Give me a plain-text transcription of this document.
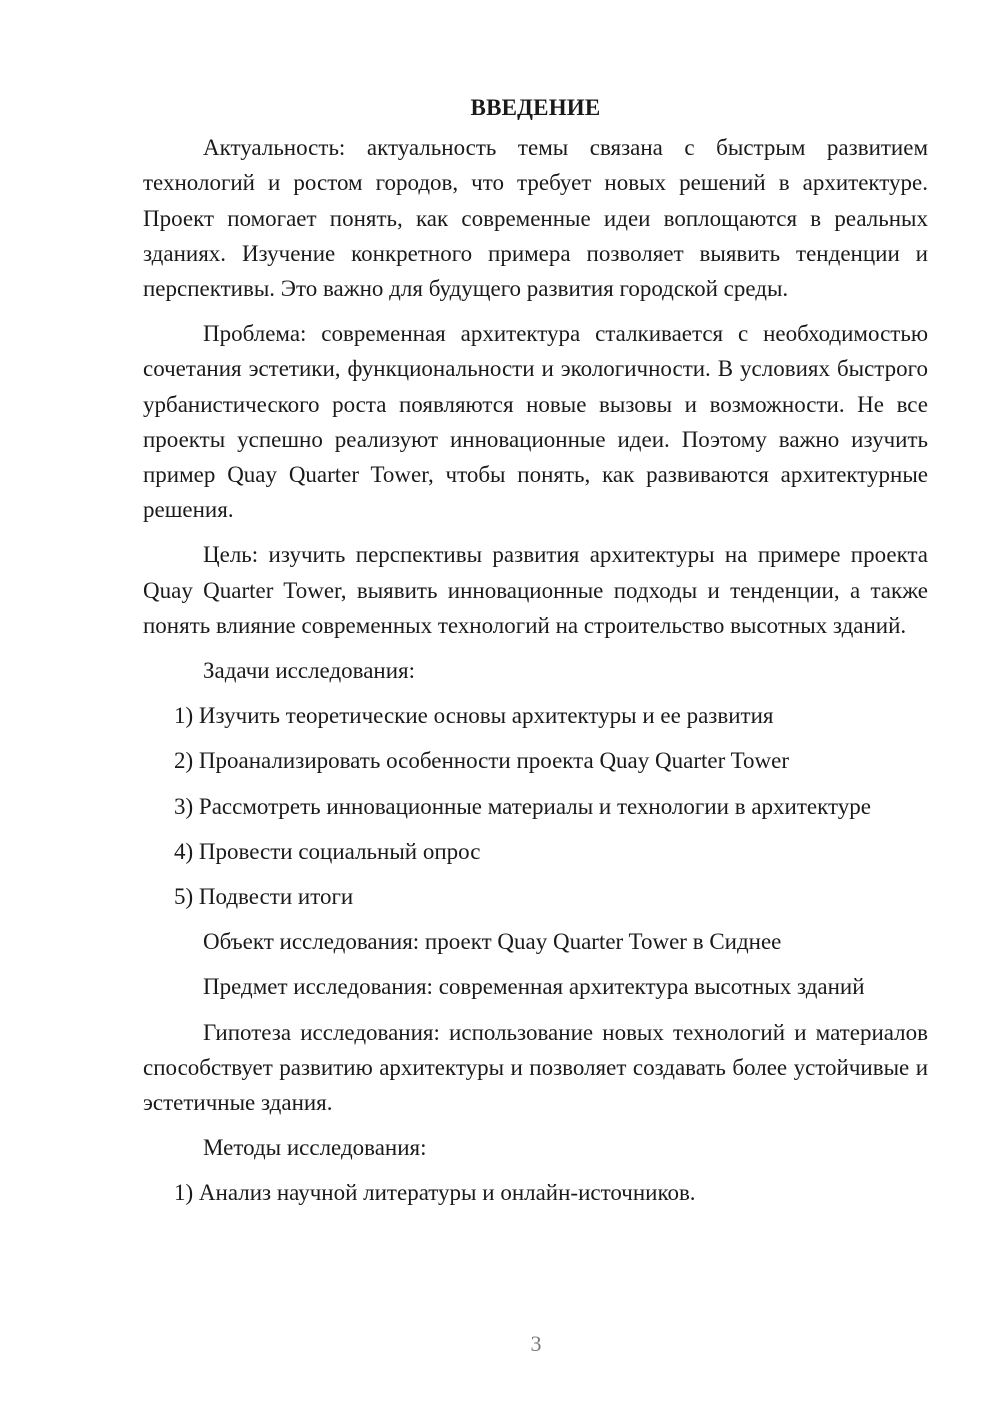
ВВЕДЕНИЕ

Актуальность: актуальность темы связана с быстрым развитием технологий и ростом городов, что требует новых решений в архитектуре. Проект помогает понять, как современные идеи воплощаются в реальных зданиях. Изучение конкретного примера позволяет выявить тенденции и перспективы. Это важно для будущего развития городской среды.

Проблема: современная архитектура сталкивается с необходимостью сочетания эстетики, функциональности и экологичности. В условиях быстрого урбанистического роста появляются новые вызовы и возможности. Не все проекты успешно реализуют инновационные идеи. Поэтому важно изучить пример Quay Quarter Tower, чтобы понять, как развиваются архитектурные решения.

Цель: изучить перспективы развития архитектуры на примере проекта Quay Quarter Tower, выявить инновационные подходы и тенденции, а также понять влияние современных технологий на строительство высотных зданий.

Задачи исследования:

1) Изучить теоретические основы архитектуры и ее развития

2) Проанализировать особенности проекта Quay Quarter Tower

3) Рассмотреть инновационные материалы и технологии в архитектуре

4) Провести социальный опрос

5) Подвести итоги

Объект исследования: проект Quay Quarter Tower в Сиднее

Предмет исследования: современная архитектура высотных зданий

Гипотеза исследования: использование новых технологий и материалов способствует развитию архитектуры и позволяет создавать более устойчивые и эстетичные здания.

Методы исследования:

1) Анализ научной литературы и онлайн-источников.

3
